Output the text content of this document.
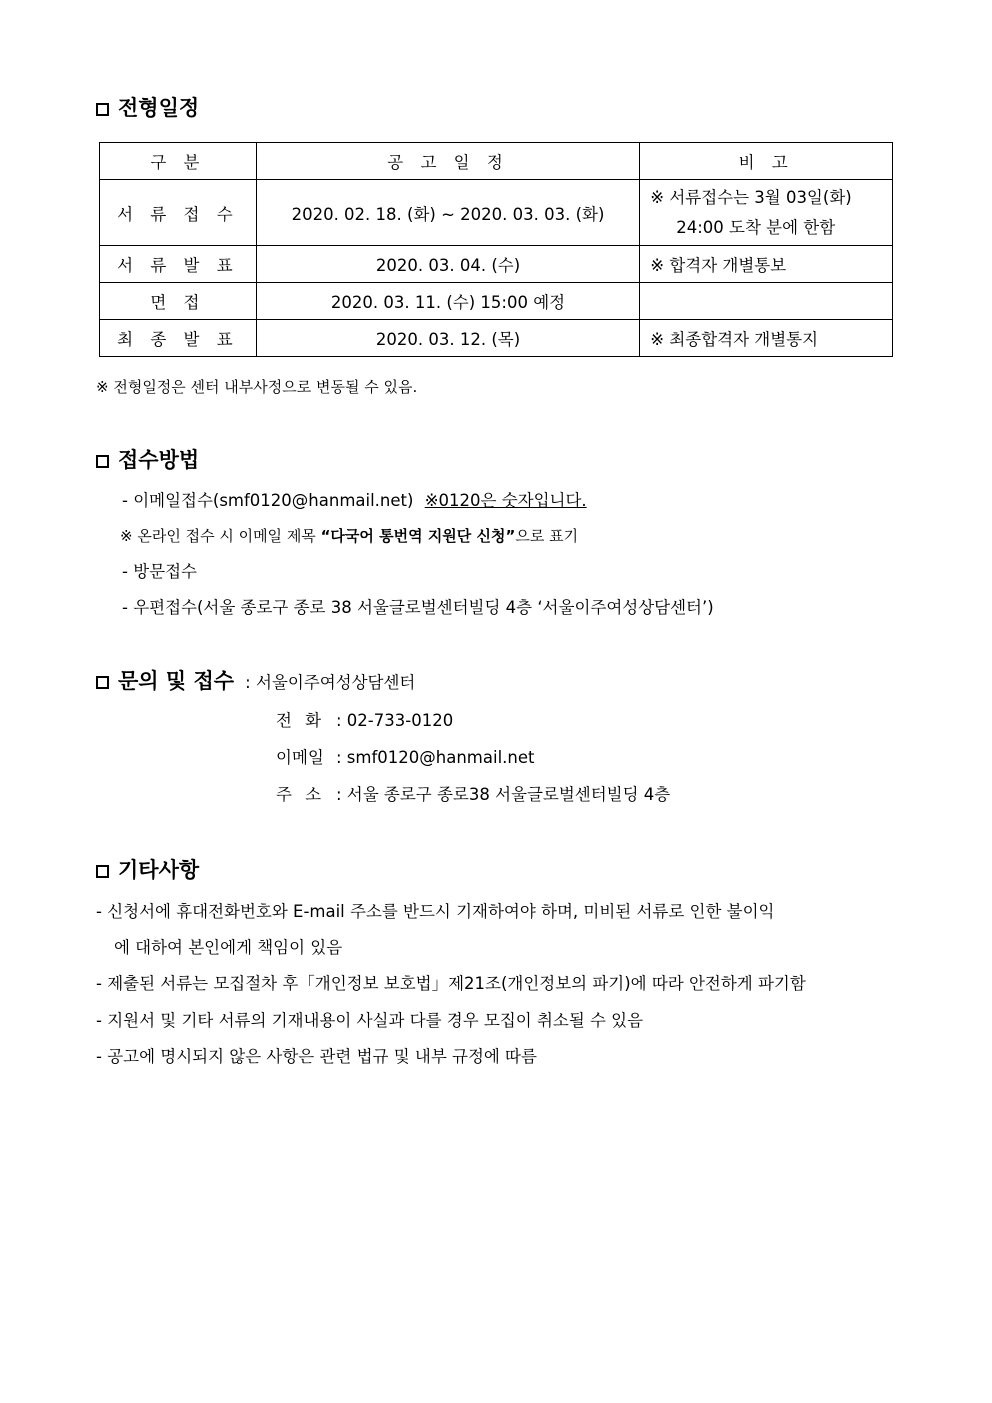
전형일정
구 분	공 고 일 정	비 고
서 류 접 수	2020. 02. 18. (화) ~ 2020. 03. 03. (화)	※ 서류접수는 3월 03일(화)
24:00 도착 분에 한함

서 류 발 표	2020. 03. 04. (수)	※ 합격자 개별통보
면 접	2020. 03. 11. (수) 15:00 예정	
최 종 발 표	2020. 03. 12. (목)	※ 최종합격자 개별통지
※ 전형일정은 센터 내부사정으로 변동될 수 있음.
접수방법
- 이메일접수(smf0120@hanmail.net) ※0120은 숫자입니다.
※ 온라인 접수 시 이메일 제목 “다국어 통번역 지원단 신청”으로 표기
- 방문접수
- 우편접수(서울 종로구 종로 38 서울글로벌센터빌딩 4층 ‘서울이주여성상담센터’)
문의 및 접수 : 서울이주여성상담센터
전 화 : 02-733-0120
이메일 : smf0120@hanmail.net
주 소 : 서울 종로구 종로38 서울글로벌센터빌딩 4층
기타사항
- 신청서에 휴대전화번호와 E-mail 주소를 반드시 기재하여야 하며, 미비된 서류로 인한 불이익
에 대하여 본인에게 책임이 있음
- 제출된 서류는 모집절차 후「개인정보 보호법」제21조(개인정보의 파기)에 따라 안전하게 파기함
- 지원서 및 기타 서류의 기재내용이 사실과 다를 경우 모집이 취소될 수 있음
- 공고에 명시되지 않은 사항은 관련 법규 및 내부 규정에 따름
